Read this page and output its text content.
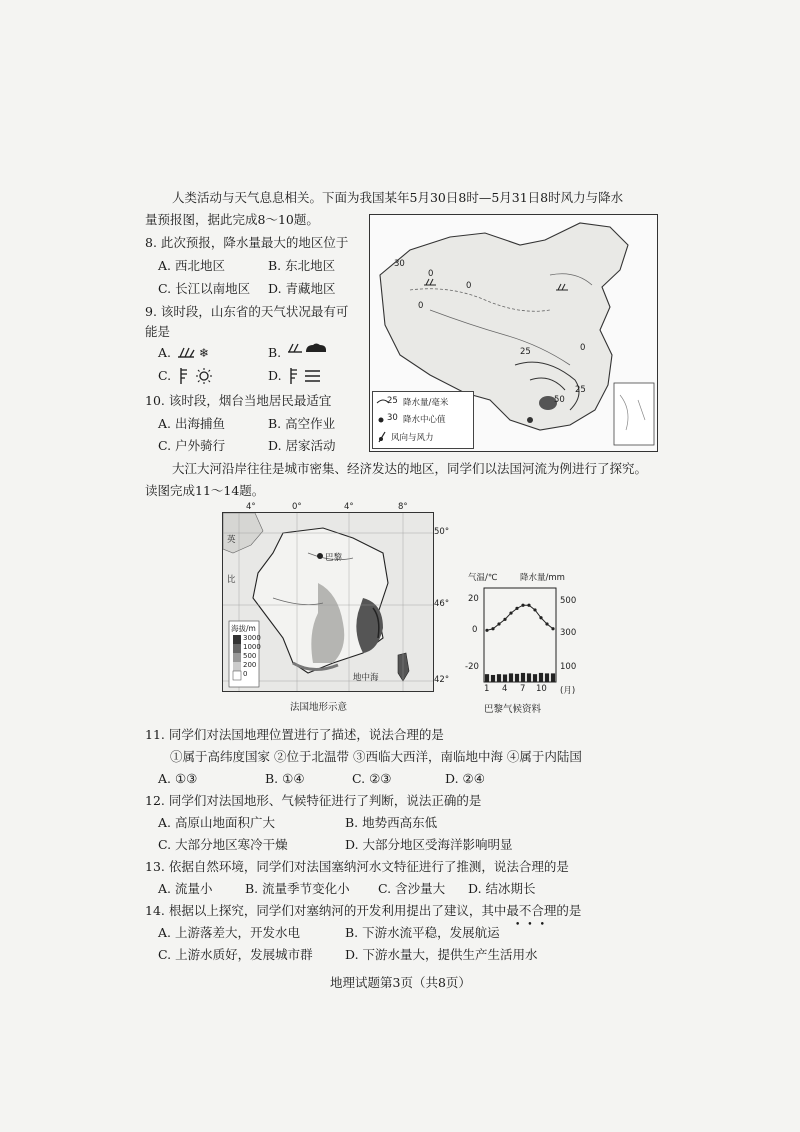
人类活动与天气息息相关。下面为我国某年5月30日8时—5月31日8时风力与降水
量预报图，据此完成8～10题。
8. 此次预报，降水量最大的地区位于
A. 西北地区	B. 东北地区
C. 长江以南地区 D. 青藏地区
9. 该时段，山东省的天气状况最有可
能是
A. ❄	B.
C.	D.
10. 该时段，烟台当地居民最适宜
A. 出海捕鱼	B. 高空作业
C. 户外骑行	D. 居家活动
30
0
0
0
0
25
25
50
25
30
降水量/毫米
降水中心值
风向与风力
大江大河沿岸往往是城市密集、经济发达的地区，同学们以法国河流为例进行了探究。
读图完成11～14题。
巴黎
地中海
英
比
海拔/m
3000
1000
500
200
0
4°	0°	4°	8°
50°
46°
42°
法国地形示意
气温/℃	降水量/mm
20
0
-20
500
300
100
1 4 7 10 (月)
巴黎气候资料
11. 同学们对法国地理位置进行了描述，说法合理的是
①属于高纬度国家 ②位于北温带 ③西临大西洋，南临地中海 ④属于内陆国
A. ①③	B. ①④	C. ②③	D. ②④
12. 同学们对法国地形、气候特征进行了判断，说法正确的是
A. 高原山地面积广大	B. 地势西高东低
C. 大部分地区寒冷干燥	D. 大部分地区受海洋影响明显
13. 依据自然环境，同学们对法国塞纳河水文特征进行了推测，说法合理的是
A. 流量小	B. 流量季节变化小 C. 含沙量大 D. 结冰期长
14. 根据以上探究，同学们对塞纳河的开发利用提出了建议，其中最不合理的是
•••
A. 上游落差大，开发水电	B. 下游水流平稳，发展航运
C. 上游水质好，发展城市群	D. 下游水量大，提供生产生活用水
地理试题第3页（共8页）
